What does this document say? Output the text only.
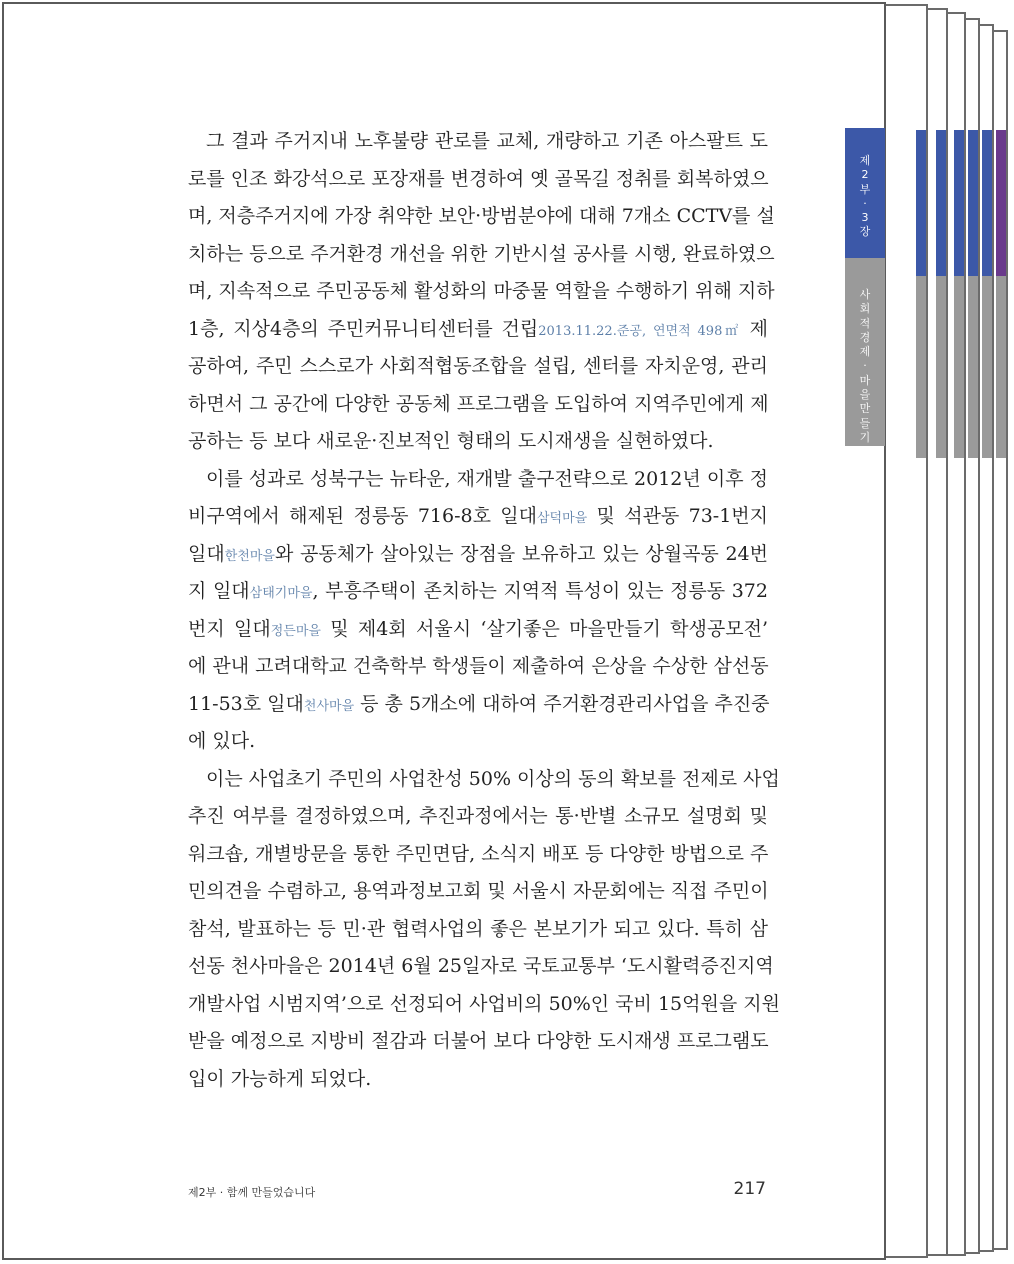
그 결과 주거지내 노후불량 관로를 교체, 개량하고 기존 아스팔트 도
로를 인조 화강석으로 포장재를 변경하여 옛 골목길 정취를 회복하였으
며, 저층주거지에 가장 취약한 보안·방범분야에 대해 7개소 CCTV를 설
치하는 등으로 주거환경 개선을 위한 기반시설 공사를 시행, 완료하였으
며, 지속적으로 주민공동체 활성화의 마중물 역할을 수행하기 위해 지하
1층, 지상4층의 주민커뮤니티센터를 건립2013.11.22.준공, 연면적 498㎡ 제
공하여, 주민 스스로가 사회적협동조합을 설립, 센터를 자치운영, 관리
하면서 그 공간에 다양한 공동체 프로그램을 도입하여 지역주민에게 제
공하는 등 보다 새로운·진보적인 형태의 도시재생을 실현하였다.
이를 성과로 성북구는 뉴타운, 재개발 출구전략으로 2012년 이후 정
비구역에서 해제된 정릉동 716-8호 일대삼덕마을 및 석관동 73-1번지
일대한천마을와 공동체가 살아있는 장점을 보유하고 있는 상월곡동 24번
지 일대삼태기마을, 부흥주택이 존치하는 지역적 특성이 있는 정릉동 372
번지 일대정든마을 및 제4회 서울시 ‘살기좋은 마을만들기 학생공모전’
에 관내 고려대학교 건축학부 학생들이 제출하여 은상을 수상한 삼선동
11-53호 일대천사마을 등 총 5개소에 대하여 주거환경관리사업을 추진중
에 있다.
이는 사업초기 주민의 사업찬성 50% 이상의 동의 확보를 전제로 사업
추진 여부를 결정하였으며, 추진과정에서는 통·반별 소규모 설명회 및
워크숍, 개별방문을 통한 주민면담, 소식지 배포 등 다양한 방법으로 주
민의견을 수렴하고, 용역과정보고회 및 서울시 자문회에는 직접 주민이
참석, 발표하는 등 민·관 협력사업의 좋은 본보기가 되고 있다. 특히 삼
선동 천사마을은 2014년 6월 25일자로 국토교통부 ‘도시활력증진지역
개발사업 시범지역’으로 선정되어 사업비의 50%인 국비 15억원을 지원
받을 예정으로 지방비 절감과 더불어 보다 다양한 도시재생 프로그램도
입이 가능하게 되었다.
제2부 · 함께 만들었습니다	217
제
2
부
·
3
장
사
회
적
경
제
·
마
을
만
들
기
